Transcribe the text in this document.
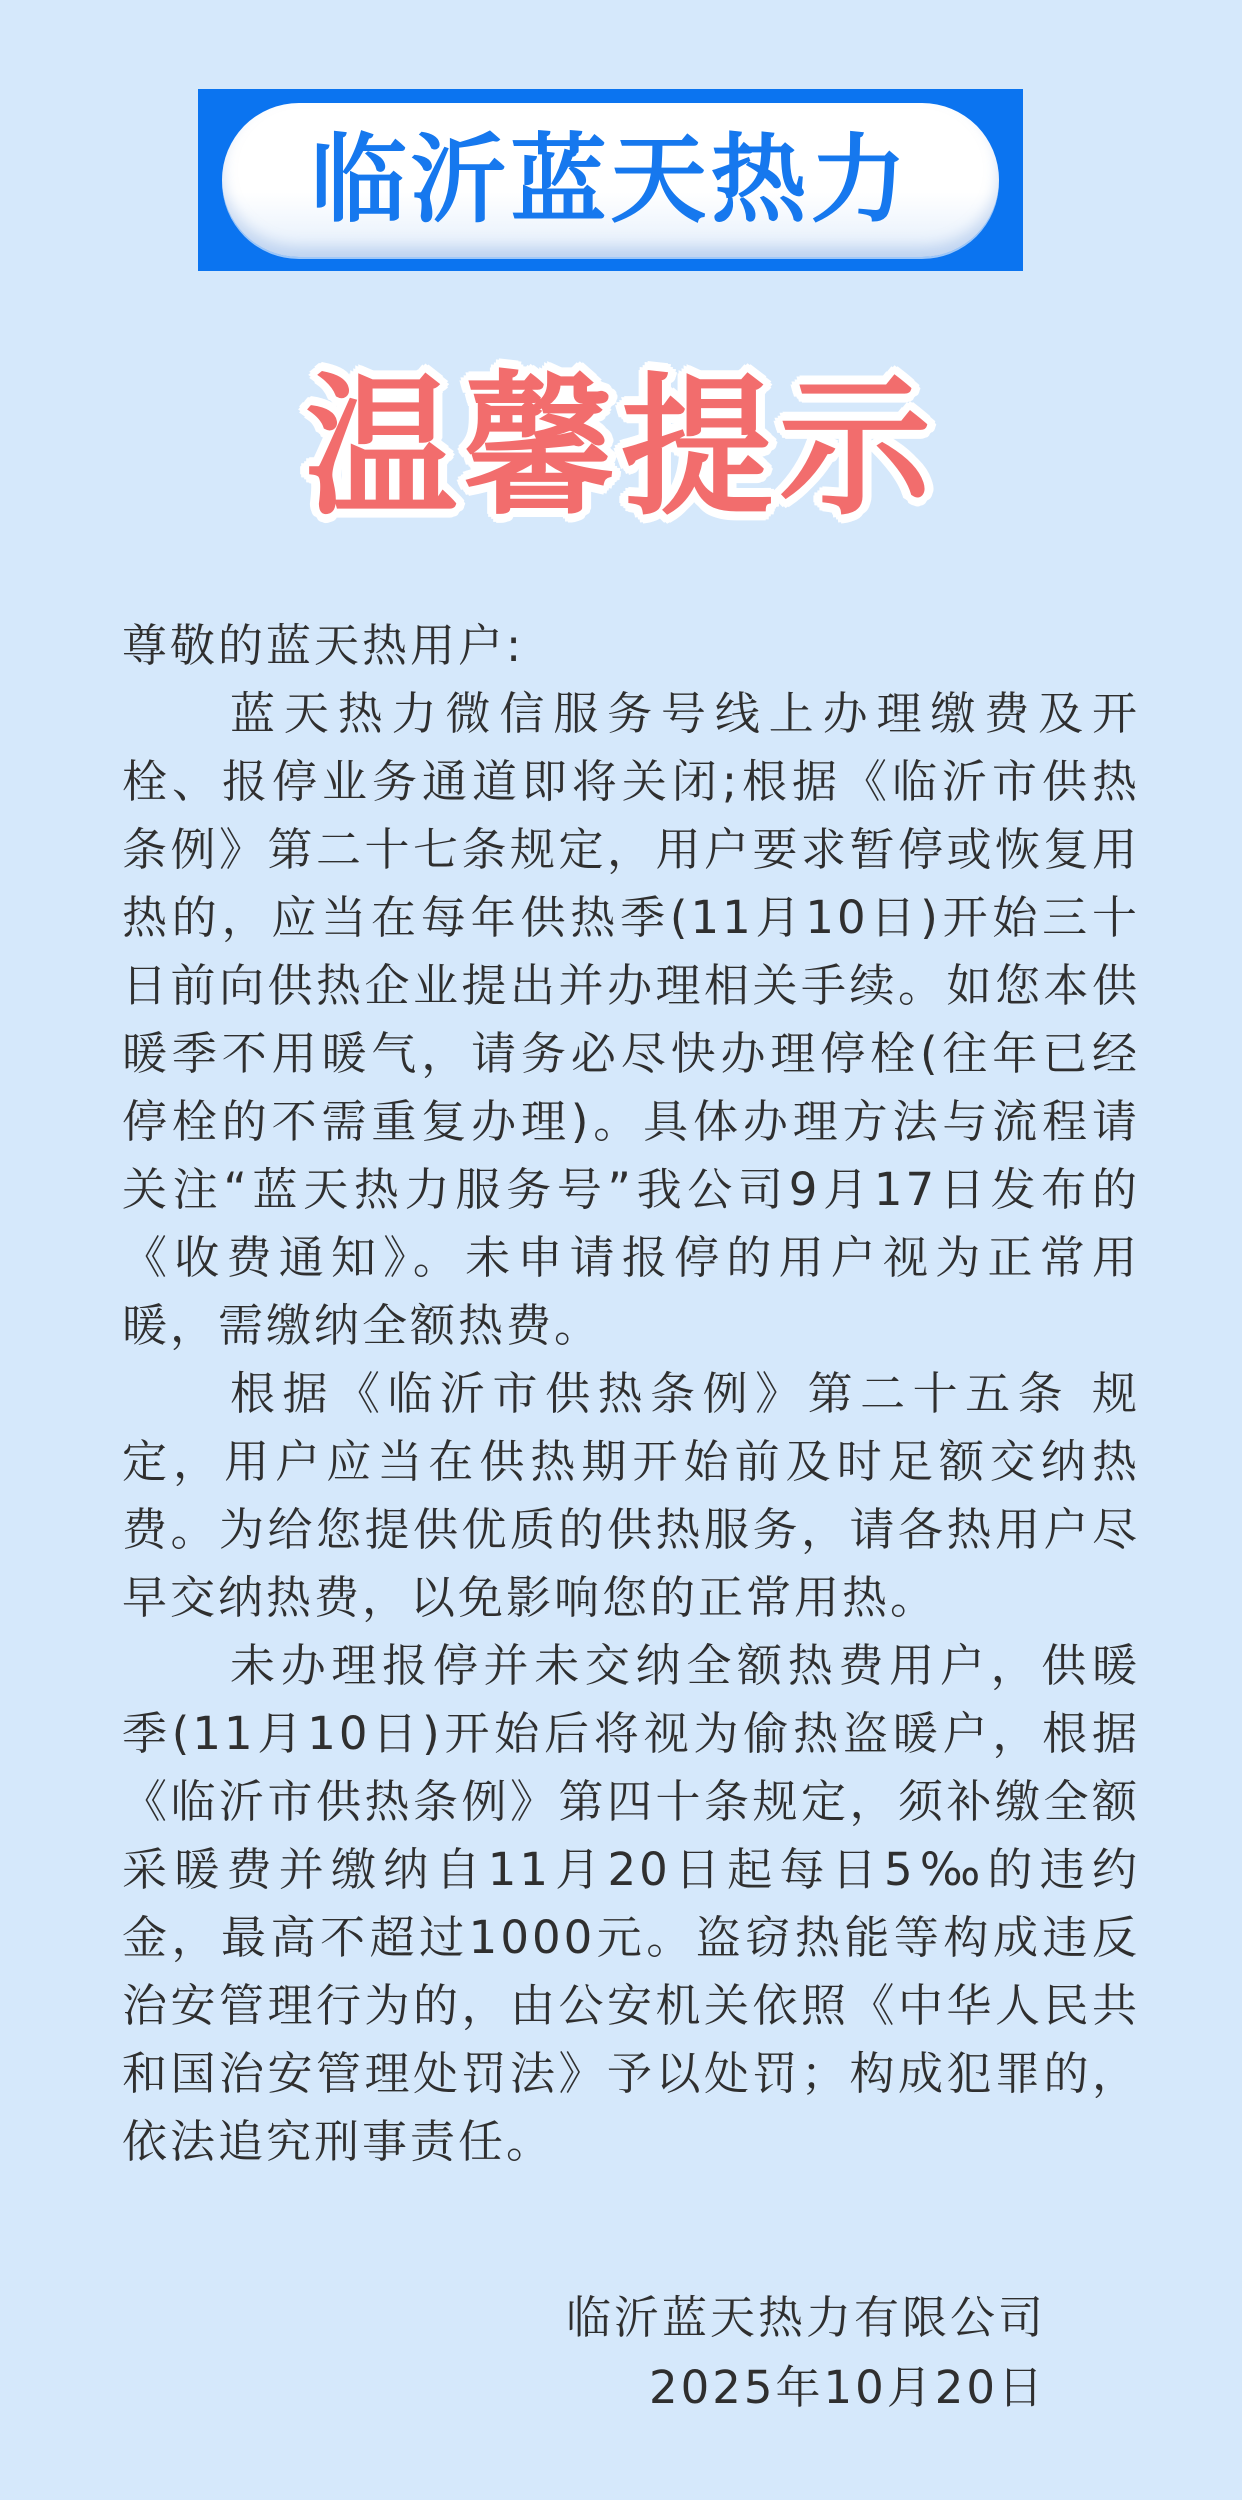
临沂蓝天热力
温馨提示

尊敬的蓝天热用户:

蓝天热力微信服务号线上办理缴费及开栓、报停业务通道即将关闭;根据《临沂市供热条例》第二十七条规定，用户要求暂停或恢复用热的，应当在每年供热季(11月10日)开始三十日前向供热企业提出并办理相关手续。如您本供暖季不用暖气，请务必尽快办理停栓(往年已经停栓的不需重复办理)。具体办理方法与流程请关注“蓝天热力服务号”我公司9月17日发布的《收费通知》。未申请报停的用户视为正常用暖，需缴纳全额热费。

根据《临沂市供热条例》第二十五条 规定，用户应当在供热期开始前及时足额交纳热费。为给您提供优质的供热服务，请各热用户尽早交纳热费，以免影响您的正常用热。

未办理报停并未交纳全额热费用户，供暖季(11月10日)开始后将视为偷热盗暖户，根据《临沂市供热条例》第四十条规定，须补缴全额采暖费并缴纳自11月20日起每日5‰的违约金，最高不超过1000元。盗窃热能等构成违反治安管理行为的，由公安机关依照《中华人民共和国治安管理处罚法》予以处罚；构成犯罪的，依法追究刑事责任。

临沂蓝天热力有限公司
2025年10月20日
